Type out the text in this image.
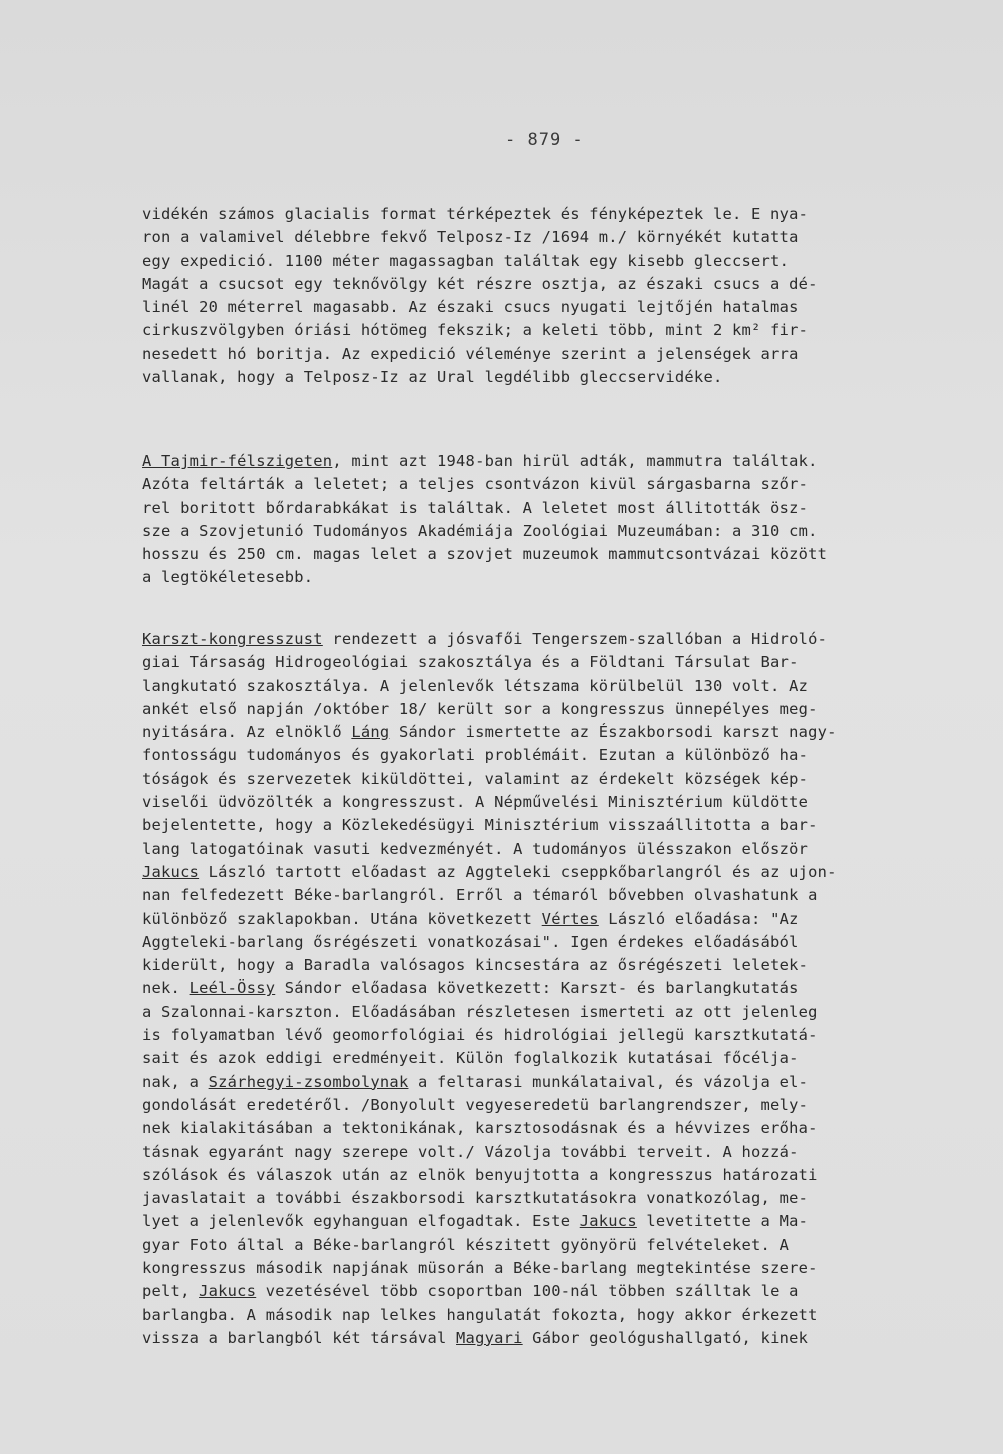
- 879 -
vidékén számos glacialis format térképeztek és fényképeztek le. E nya-
ron a valamivel délebbre fekvő Telposz-Iz /1694 m./ környékét kutatta
egy expedició. 1100 méter magassagban találtak egy kisebb gleccsert.
Magát a csucsot egy teknővölgy két részre osztja, az északi csucs a dé-
linél 20 méterrel magasabb. Az északi csucs nyugati lejtőjén hatalmas
cirkuszvölgyben óriási hótömeg fekszik; a keleti több, mint 2 km² fir-
nesedett hó boritja. Az expedició véleménye szerint a jelenségek arra
vallanak, hogy a Telposz-Iz az Ural legdélibb gleccservidéke.
A Tajmir-félszigeten, mint azt 1948-ban hirül adták, mammutra találtak.
Azóta feltárták a leletet; a teljes csontvázon kivül sárgasbarna szőr-
rel boritott bőrdarabkákat is találtak. A leletet most állitották ösz-
sze a Szovjetunió Tudományos Akadémiája Zoológiai Muzeumában: a 310 cm.
hosszu és 250 cm. magas lelet a szovjet muzeumok mammutcsontvázai között
a legtökéletesebb.
Karszt-kongresszust rendezett a jósvafői Tengerszem-szallóban a Hidroló-
giai Társaság Hidrogeológiai szakosztálya és a Földtani Társulat Bar-
langkutató szakosztálya. A jelenlevők létszama körülbelül 130 volt. Az
ankét első napján /október 18/ került sor a kongresszus ünnepélyes meg-
nyitására. Az elnöklő Láng Sándor ismertette az Északborsodi karszt nagy-
fontosságu tudományos és gyakorlati problémáit. Ezutan a különböző ha-
tóságok és szervezetek kiküldöttei, valamint az érdekelt községek kép-
viselői üdvözölték a kongresszust. A Népművelési Minisztérium küldötte
bejelentette, hogy a Közlekedésügyi Minisztérium visszaállitotta a bar-
lang latogatóinak vasuti kedvezményét. A tudományos ülésszakon először
Jakucs László tartott előadast az Aggteleki cseppkőbarlangról és az ujon-
nan felfedezett Béke-barlangról. Erről a témaról bővebben olvashatunk a
különböző szaklapokban. Utána következett Vértes László előadása: "Az
Aggteleki-barlang ősrégészeti vonatkozásai". Igen érdekes előadásából
kiderült, hogy a Baradla valósagos kincsestára az ősrégészeti leletek-
nek. Leél-Össy Sándor előadasa következett: Karszt- és barlangkutatás
a Szalonnai-karszton. Előadásában részletesen ismerteti az ott jelenleg
is folyamatban lévő geomorfológiai és hidrológiai jellegü karsztkutatá-
sait és azok eddigi eredményeit. Külön foglalkozik kutatásai főcélja-
nak, a Szárhegyi-zsombolynak a feltarasi munkálataival, és vázolja el-
gondolását eredetéről. /Bonyolult vegyeseredetü barlangrendszer, mely-
nek kialakitásában a tektonikának, karsztosodásnak és a hévvizes erőha-
tásnak egyaránt nagy szerepe volt./ Vázolja további terveit. A hozzá-
szólások és válaszok után az elnök benyujtotta a kongresszus határozati
javaslatait a további északborsodi karsztkutatásokra vonatkozólag, me-
lyet a jelenlevők egyhanguan elfogadtak. Este Jakucs levetitette a Ma-
gyar Foto által a Béke-barlangról készitett gyönyörü felvételeket. A
kongresszus második napjának müsorán a Béke-barlang megtekintése szere-
pelt, Jakucs vezetésével több csoportban 100-nál többen szálltak le a
barlangba. A második nap lelkes hangulatát fokozta, hogy akkor érkezett
vissza a barlangból két társával Magyari Gábor geológushallgató, kinek
